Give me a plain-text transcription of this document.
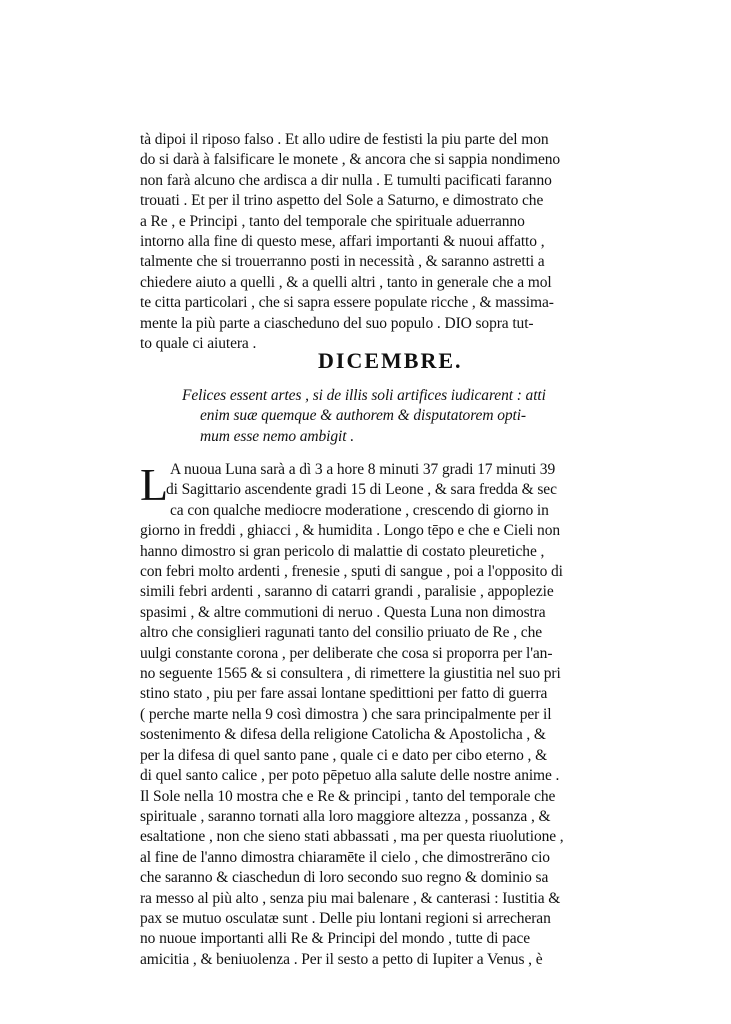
tà dipoi il riposo falso . Et allo udire de festisti la piu parte del mon
do si darà à falsificare le monete , & ancora che si sappia nondimeno
non farà alcuno che ardisca a dir nulla . E tumulti pacificati faranno
trouati . Et per il trino aspetto del Sole a Saturno, e dimostrato che
a Re , e Principi , tanto del temporale che spirituale aduerranno
intorno alla fine di questo mese, affari importanti & nuoui affatto ,
talmente che si trouerranno posti in necessità , & saranno astretti a
chiedere aiuto a quelli , & a quelli altri , tanto in generale che a mol
te citta particolari , che si sapra essere populate ricche , & massima-
mente la più parte a ciascheduno del suo populo . DIO sopra tut-
to quale ci aiutera .
DICEMBRE.
Felices essent artes , si de illis soli artifices iudicarent : atti
enim suæ quemque & authorem & disputatorem opti-
mum esse nemo ambigit .
L A nuoua Luna sarà a dì 3 a hore 8 minuti 37 gradi 17 minuti 39
di Sagittario ascendente gradi 15 di Leone , & sara fredda & sec
ca con qualche mediocre moderatione , crescendo di giorno in
giorno in freddi , ghiacci , & humidita . Longo tēpo e che e Cieli non
hanno dimostro si gran pericolo di malattie di costato pleuretiche ,
con febri molto ardenti , frenesie , sputi di sangue , poi a l'opposito di
simili febri ardenti , saranno di catarri grandi , paralisie , appoplezie
spasimi , & altre commutioni di neruo . Questa Luna non dimostra
altro che consiglieri ragunati tanto del consilio priuato de Re , che
uulgi constante corona , per deliberate che cosa si proporra per l'an-
no seguente 1565 & si consultera , di rimettere la giustitia nel suo pri
stino stato , piu per fare assai lontane spedittioni per fatto di guerra
( perche marte nella 9 così dimostra ) che sara principalmente per il
sostenimento & difesa della religione Catolicha & Apostolicha , &
per la difesa di quel santo pane , quale ci e dato per cibo eterno , &
di quel santo calice , per poto pēpetuo alla salute delle nostre anime .
Il Sole nella 10 mostra che e Re & principi , tanto del temporale che
spirituale , saranno tornati alla loro maggiore altezza , possanza , &
esaltatione , non che sieno stati abbassati , ma per questa riuolutione ,
al fine de l'anno dimostra chiaramēte il cielo , che dimostrerāno cio
che saranno & ciaschedun di loro secondo suo regno & dominio sa
ra messo al più alto , senza piu mai balenare , & canterasi : Iustitia &
pax se mutuo osculatæ sunt . Delle piu lontani regioni si arrecheran
no nuoue importanti alli Re & Principi del mondo , tutte di pace
amicitia , & beniuolenza . Per il sesto a petto di Iupiter a Venus , è
